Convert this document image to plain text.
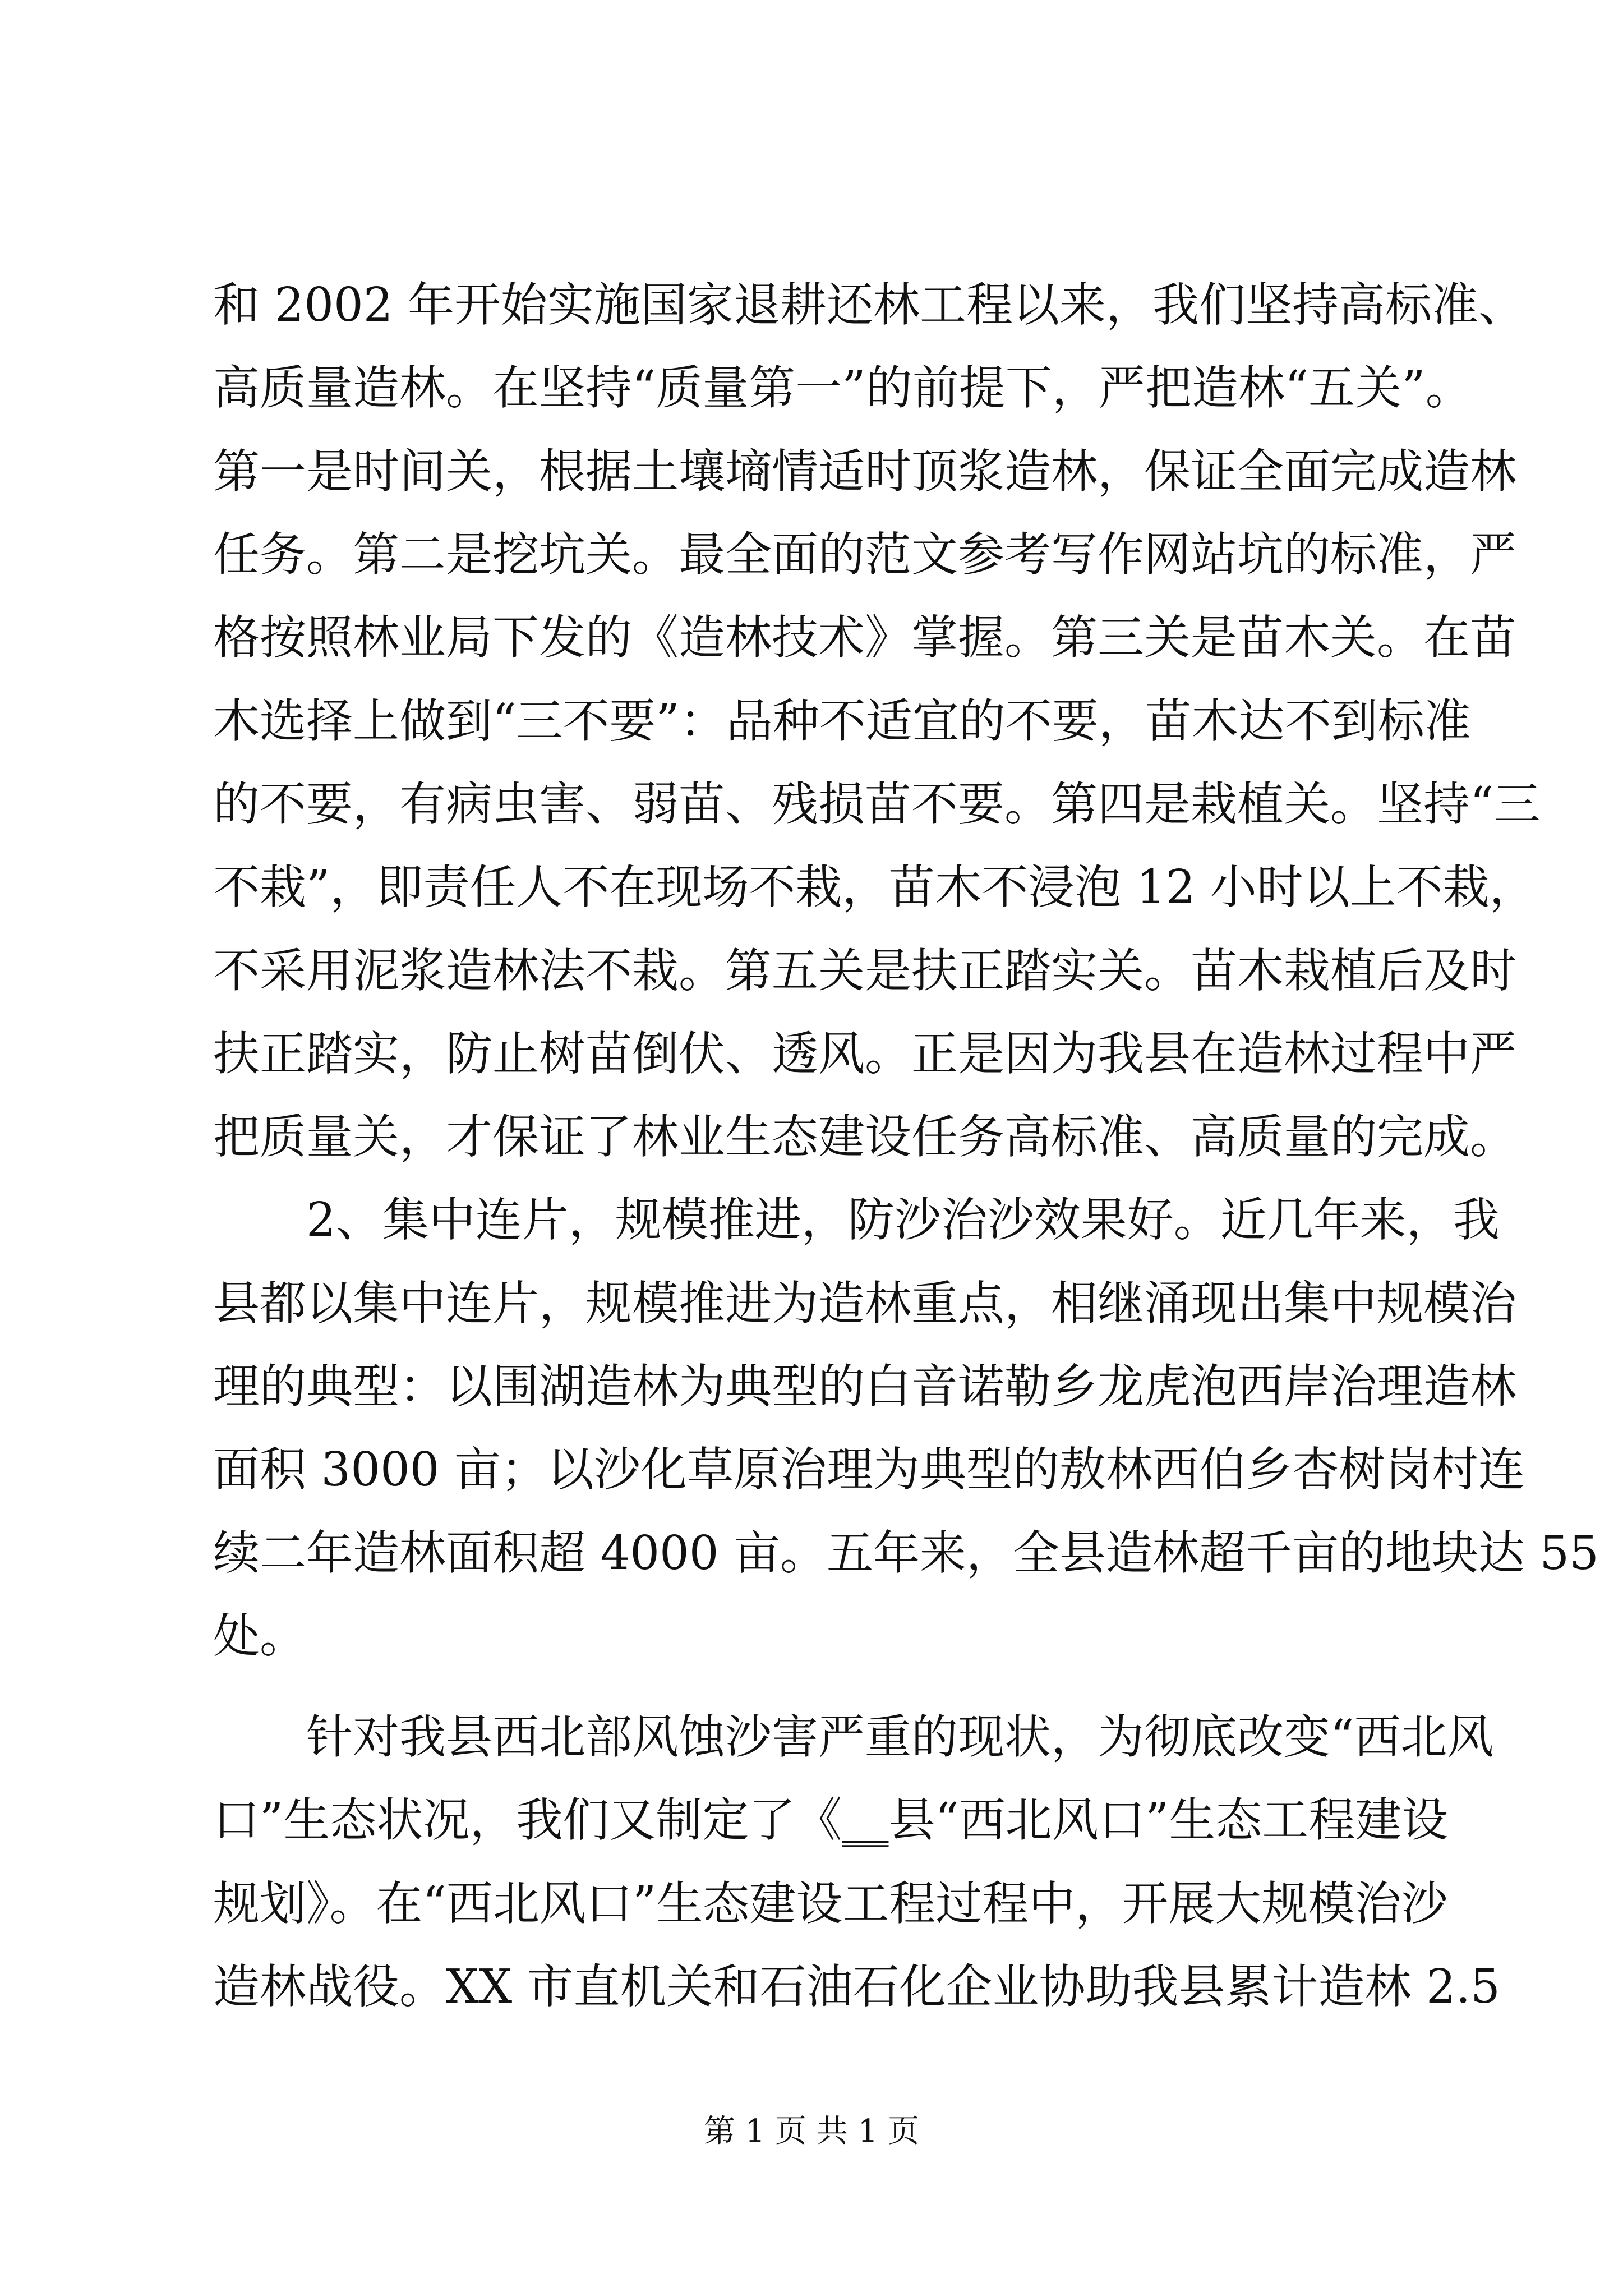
和 2002 年开始实施国家退耕还林工程以来，我们坚持高标准、
高质量造林。在坚持“质量第一”的前提下，严把造林“五关”。
第一是时间关，根据土壤墒情适时顶浆造林，保证全面完成造林
任务。第二是挖坑关。最全面的范文参考写作网站坑的标准，严
格按照林业局下发的《造林技术》掌握。第三关是苗木关。在苗
木选择上做到“三不要”：品种不适宜的不要，苗木达不到标准
的不要，有病虫害、弱苗、残损苗不要。第四是栽植关。坚持“三
不栽”，即责任人不在现场不栽，苗木不浸泡 12 小时以上不栽，
不采用泥浆造林法不栽。第五关是扶正踏实关。苗木栽植后及时
扶正踏实，防止树苗倒伏、透风。正是因为我县在造林过程中严
把质量关，才保证了林业生态建设任务高标准、高质量的完成。
2、集中连片，规模推进，防沙治沙效果好。近几年来，我
县都以集中连片，规模推进为造林重点，相继涌现出集中规模治
理的典型：以围湖造林为典型的白音诺勒乡龙虎泡西岸治理造林
面积 3000 亩；以沙化草原治理为典型的敖林西伯乡杏树岗村连
续二年造林面积超 4000 亩。五年来，全县造林超千亩的地块达 55
处。
针对我县西北部风蚀沙害严重的现状，为彻底改变“西北风
口”生态状况，我们又制定了《__县“西北风口”生态工程建设
规划》。在“西北风口”生态建设工程过程中，开展大规模治沙
造林战役。XX 市直机关和石油石化企业协助我县累计造林 2.5
第 1 页 共 1 页
